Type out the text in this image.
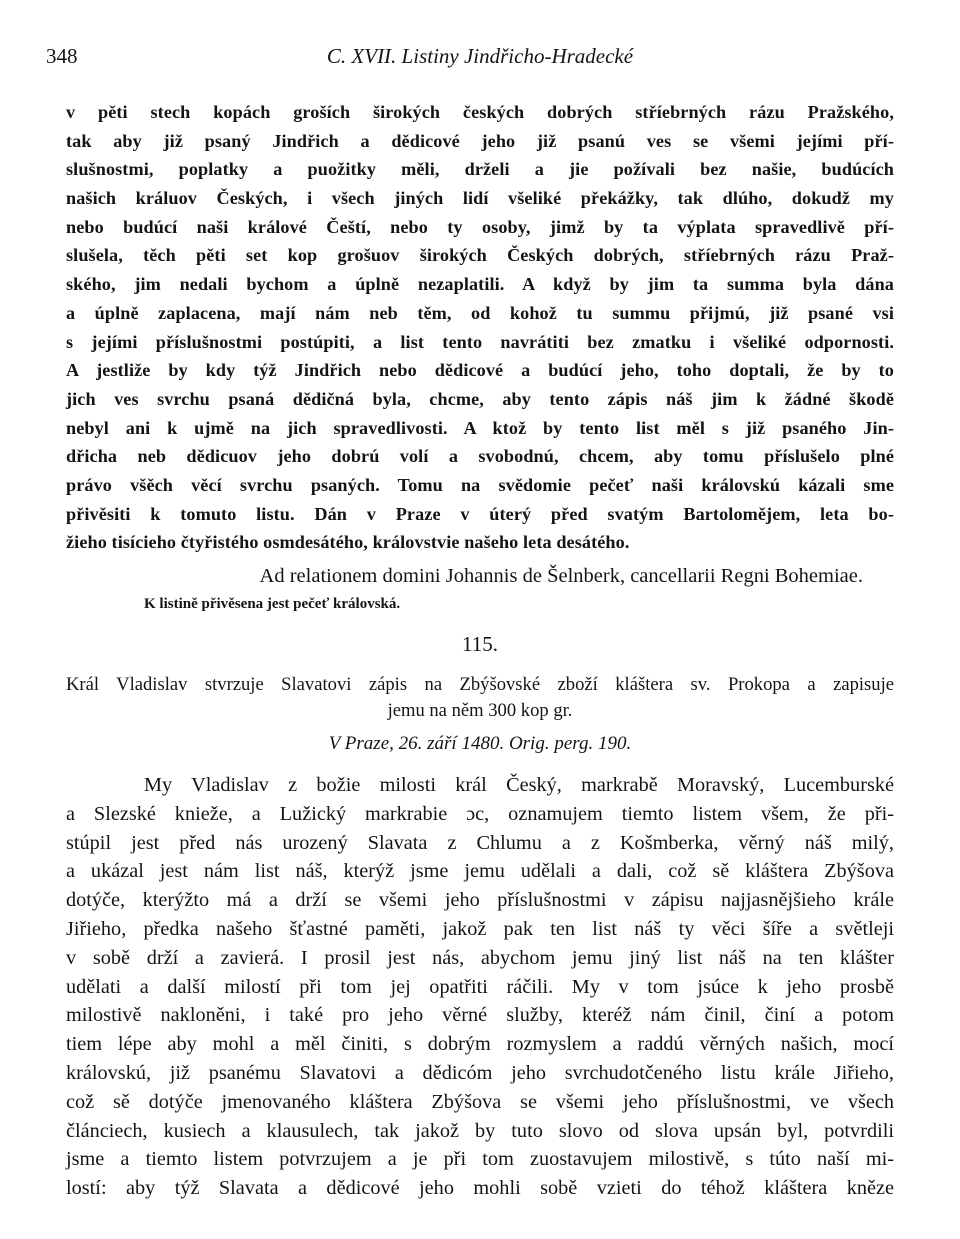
348	C. XVII. Listiny Jindřicho-Hradecké
v pěti stech kopách groších širokých českých dobrých stříebrných rázu Pražského,
tak aby již psaný Jindřich a dědicové jeho již psanú ves se všemi jejími pří-
slušnostmi, poplatky a puožitky měli, drželi a jie požívali bez našie, budúcích
našich králuov Českých, i všech jiných lidí všeliké překážky, tak dlúho, dokudž my
nebo budúcí naši králové Čeští, nebo ty osoby, jimž by ta výplata spravedlivě pří-
slušela, těch pěti set kop grošuov širokých Českých dobrých, stříebrných rázu Praž-
ského, jim nedali bychom a úplně nezaplatili. A když by jim ta summa byla dána
a úplně zaplacena, mají nám neb těm, od kohož tu summu přijmú, již psané vsi
s jejími příslušnostmi postúpiti, a list tento navrátiti bez zmatku i všeliké odpornosti.
A jestliže by kdy týž Jindřich nebo dědicové a budúcí jeho, toho doptali, že by to
jich ves svrchu psaná dědičná byla, chcme, aby tento zápis náš jim k žádné škodě
nebyl ani k ujmě na jich spravedlivosti. A ktož by tento list měl s již psaného Jin-
dřicha neb dědicuov jeho dobrú volí a svobodnú, chcem, aby tomu příslušelo plné
právo všěch věcí svrchu psaných. Tomu na svědomie pečeť naši královskú kázali sme
přivěsiti k tomuto listu. Dán v Praze v úterý před svatým Bartolomějem, leta bo-
žieho tisícieho čtyřistého osmdesátého, královstvie našeho leta desátého.
Ad relationem domini Johannis de Šelnberk, cancellarii Regni Bohemiae.
K listině přivěsena jest pečeť královská.
115.
Král Vladislav stvrzuje Slavatovi zápis na Zbýšovské zboží kláštera sv. Prokopa a zapisuje
jemu na něm 300 kop gr.
V Praze, 26. září 1480. Orig. perg. 190.
My Vladislav z božie milosti král Český, markrabě Moravský, Lucemburské
a Slezské knieže, a Lužický markrabie ɔc, oznamujem tiemto listem všem, že při-
stúpil jest před nás urozený Slavata z Chlumu a z Košmberka, věrný náš milý,
a ukázal jest nám list náš, kterýž jsme jemu udělali a dali, což sě kláštera Zbýšova
dotýče, kterýžto má a drží se všemi jeho příslušnostmi v zápisu najjasnějšieho krále
Jiřieho, předka našeho šťastné paměti, jakož pak ten list náš ty věci šíře a světleji
v sobě drží a zavierá. I prosil jest nás, abychom jemu jiný list náš na ten klášter
udělati a další milostí při tom jej opatřiti ráčili. My v tom jsúce k jeho prosbě
milostivě nakloněni, i také pro jeho věrné služby, kteréž nám činil, činí a potom
tiem lépe aby mohl a měl činiti, s dobrým rozmyslem a raddú věrných našich, mocí
královskú, již psanému Slavatovi a dědicóm jeho svrchudotčeného listu krále Jiřieho,
což sě dotýče jmenovaného kláštera Zbýšova se všemi jeho příslušnostmi, ve všech
článciech, kusiech a klausulech, tak jakož by tuto slovo od slova upsán byl, potvrdili
jsme a tiemto listem potvrzujem a je při tom zuostavujem milostivě, s túto naší mi-
lostí: aby týž Slavata a dědicové jeho mohli sobě vzieti do téhož kláštera kněze
